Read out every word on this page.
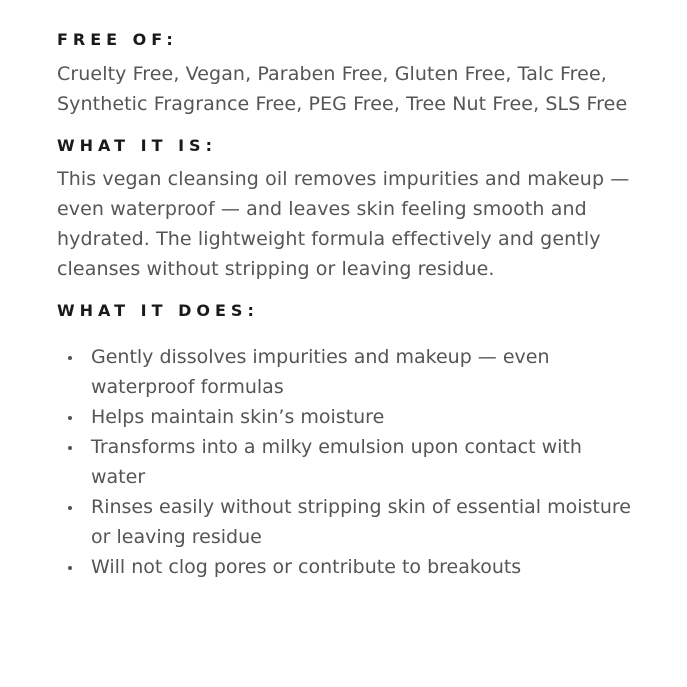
FREE OF:

Cruelty Free, Vegan, Paraben Free, Gluten Free, Talc Free, Synthetic Fragrance Free, PEG Free, Tree Nut Free, SLS Free

WHAT IT IS:

This vegan cleansing oil removes impurities and makeup — even waterproof — and leaves skin feeling smooth and hydrated. The lightweight formula effectively and gently cleanses without stripping or leaving residue.

WHAT IT DOES:
Gently dissolves impurities and makeup — even waterproof formulas
Helps maintain skin’s moisture
Transforms into a milky emulsion upon contact with water
Rinses easily without stripping skin of essential moisture or leaving residue
Will not clog pores or contribute to breakouts
